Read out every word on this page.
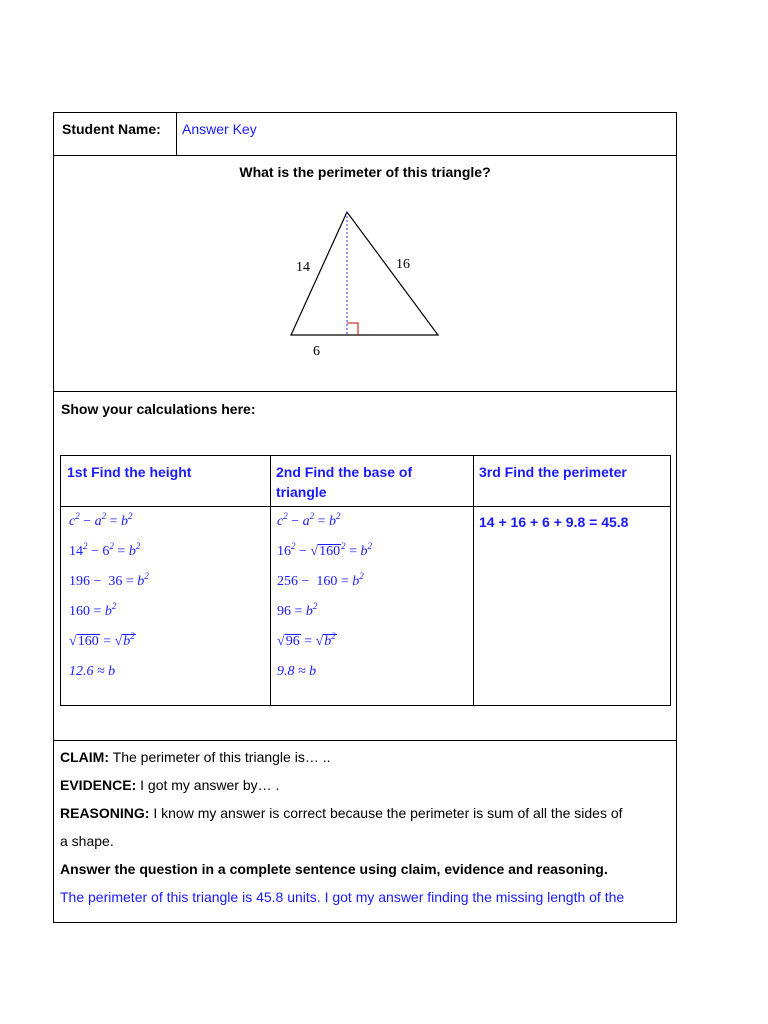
Student Name: Answer Key
What is the perimeter of this triangle?
14	16
6
Show your calculations here:
1st Find the height	2nd Find the base of triangle
3rd Find the perimeter
$c^2 - a^2 = b^2$
$14^2 - 6^2 = b^2$
$196 - 36 = b^2$
$160 = b^2$
$√160 = √b^2$
12.6 ≈ b
$c^2 - a^2 = b^2$
$16^2 - √160^2 = b^2$
$256 - 160 = b^2$
$96 = b^2$
$√96 = √b^2$
9.8 ≈ b
14 + 16 + 6 + 9.8 = 45.8
CLAIM: The perimeter of this triangle is… ..
EVIDENCE: I got my answer by… .
REASONING: I know my answer is correct because the perimeter is sum of all the sides of
a shape.
Answer the question in a complete sentence using claim, evidence and reasoning.
The perimeter of this triangle is 45.8 units. I got my answer finding the missing length of the
